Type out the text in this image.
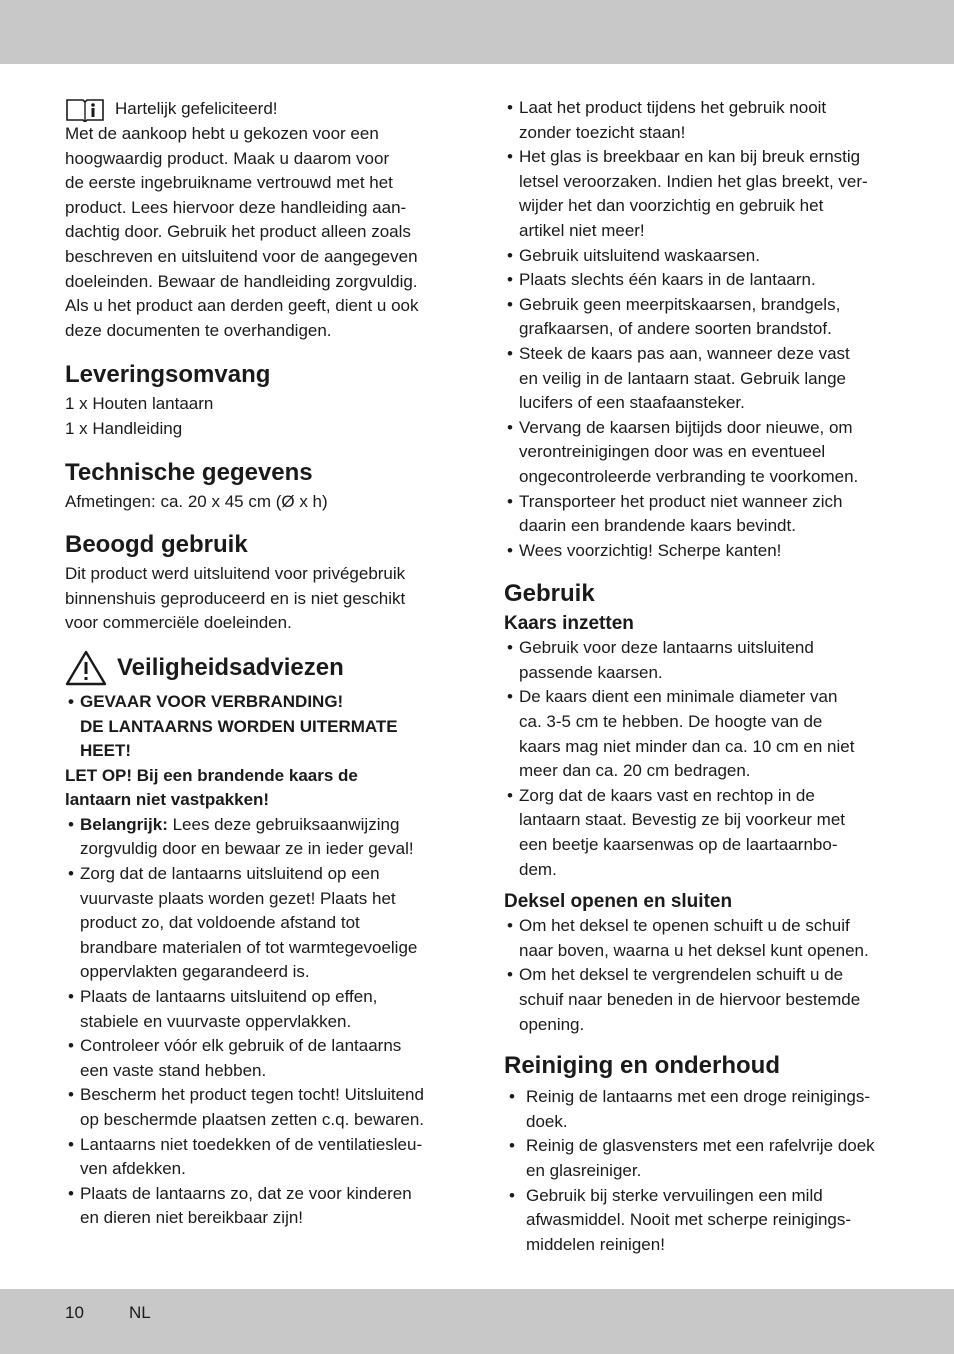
Hartelijk gefeliciteerd!

Met de aankoop hebt u gekozen voor een
hoogwaardig product. Maak u daarom voor
de eerste ingebruikname vertrouwd met het
product. Lees hiervoor deze handleiding aan-
dachtig door. Gebruik het product alleen zoals
beschreven en uitsluitend voor de aangegeven
doeleinden. Bewaar de handleiding zorgvuldig.
Als u het product aan derden geeft, dient u ook
deze documenten te overhandigen.

Leveringsomvang

1 x Houten lantaarn
1 x Handleiding

Technische gegevens

Afmetingen: ca. 20 x 45 cm (Ø x h)

Beoogd gebruik

Dit product werd uitsluitend voor privégebruik
binnenshuis geproduceerd en is niet geschikt
voor commerciële doeleinden.

Veiligheidsadviezen
• GEVAAR VOOR VERBRANDING!
DE LANTAARNS WORDEN UITERMATE
HEET!

LET OP! Bij een brandende kaars de
lantaarn niet vastpakken!

• Belangrijk: Lees deze gebruiksaanwijzing
zorgvuldig door en bewaar ze in ieder geval!
• Zorg dat de lantaarns uitsluitend op een
vuurvaste plaats worden gezet! Plaats het
product zo, dat voldoende afstand tot
brandbare materialen of tot warmtegevoelige
oppervlakten gegarandeerd is.
• Plaats de lantaarns uitsluitend op effen,
stabiele en vuurvaste oppervlakken.
• Controleer vóór elk gebruik of de lantaarns
een vaste stand hebben.
• Bescherm het product tegen tocht! Uitsluitend
op beschermde plaatsen zetten c.q. bewaren.
• Lantaarns niet toedekken of de ventilatiesleu-
ven afdekken.
• Plaats de lantaarns zo, dat ze voor kinderen
en dieren niet bereikbaar zijn!
• Laat het product tijdens het gebruik nooit
zonder toezicht staan!
• Het glas is breekbaar en kan bij breuk ernstig
letsel veroorzaken. Indien het glas breekt, ver-
wijder het dan voorzichtig en gebruik het
artikel niet meer!
• Gebruik uitsluitend waskaarsen.
• Plaats slechts één kaars in de lantaarn.
• Gebruik geen meerpitskaarsen, brandgels,
grafkaarsen, of andere soorten brandstof.
• Steek de kaars pas aan, wanneer deze vast
en veilig in de lantaarn staat. Gebruik lange
lucifers of een staafaansteker.
• Vervang de kaarsen bijtijds door nieuwe, om
verontreinigingen door was en eventueel
ongecontroleerde verbranding te voorkomen.
• Transporteer het product niet wanneer zich
daarin een brandende kaars bevindt.
• Wees voorzichtig! Scherpe kanten!
Gebruik
Kaars inzetten
• Gebruik voor deze lantaarns uitsluitend
passende kaarsen.
• De kaars dient een minimale diameter van
ca. 3-5 cm te hebben. De hoogte van de
kaars mag niet minder dan ca. 10 cm en niet
meer dan ca. 20 cm bedragen.
• Zorg dat de kaars vast en rechtop in de
lantaarn staat. Bevestig ze bij voorkeur met
een beetje kaarsenwas op de laartaarnbo-
dem.
Deksel openen en sluiten
• Om het deksel te openen schuift u de schuif
naar boven, waarna u het deksel kunt openen.
• Om het deksel te vergrendelen schuift u de
schuif naar beneden in de hiervoor bestemde
opening.
Reiniging en onderhoud
• Reinig de lantaarns met een droge reinigings-
doek.
• Reinig de glasvensters met een rafelvrije doek
en glasreiniger.
• Gebruik bij sterke vervuilingen een mild
afwasmiddel. Nooit met scherpe reinigings-
middelen reinigen!
10	NL
